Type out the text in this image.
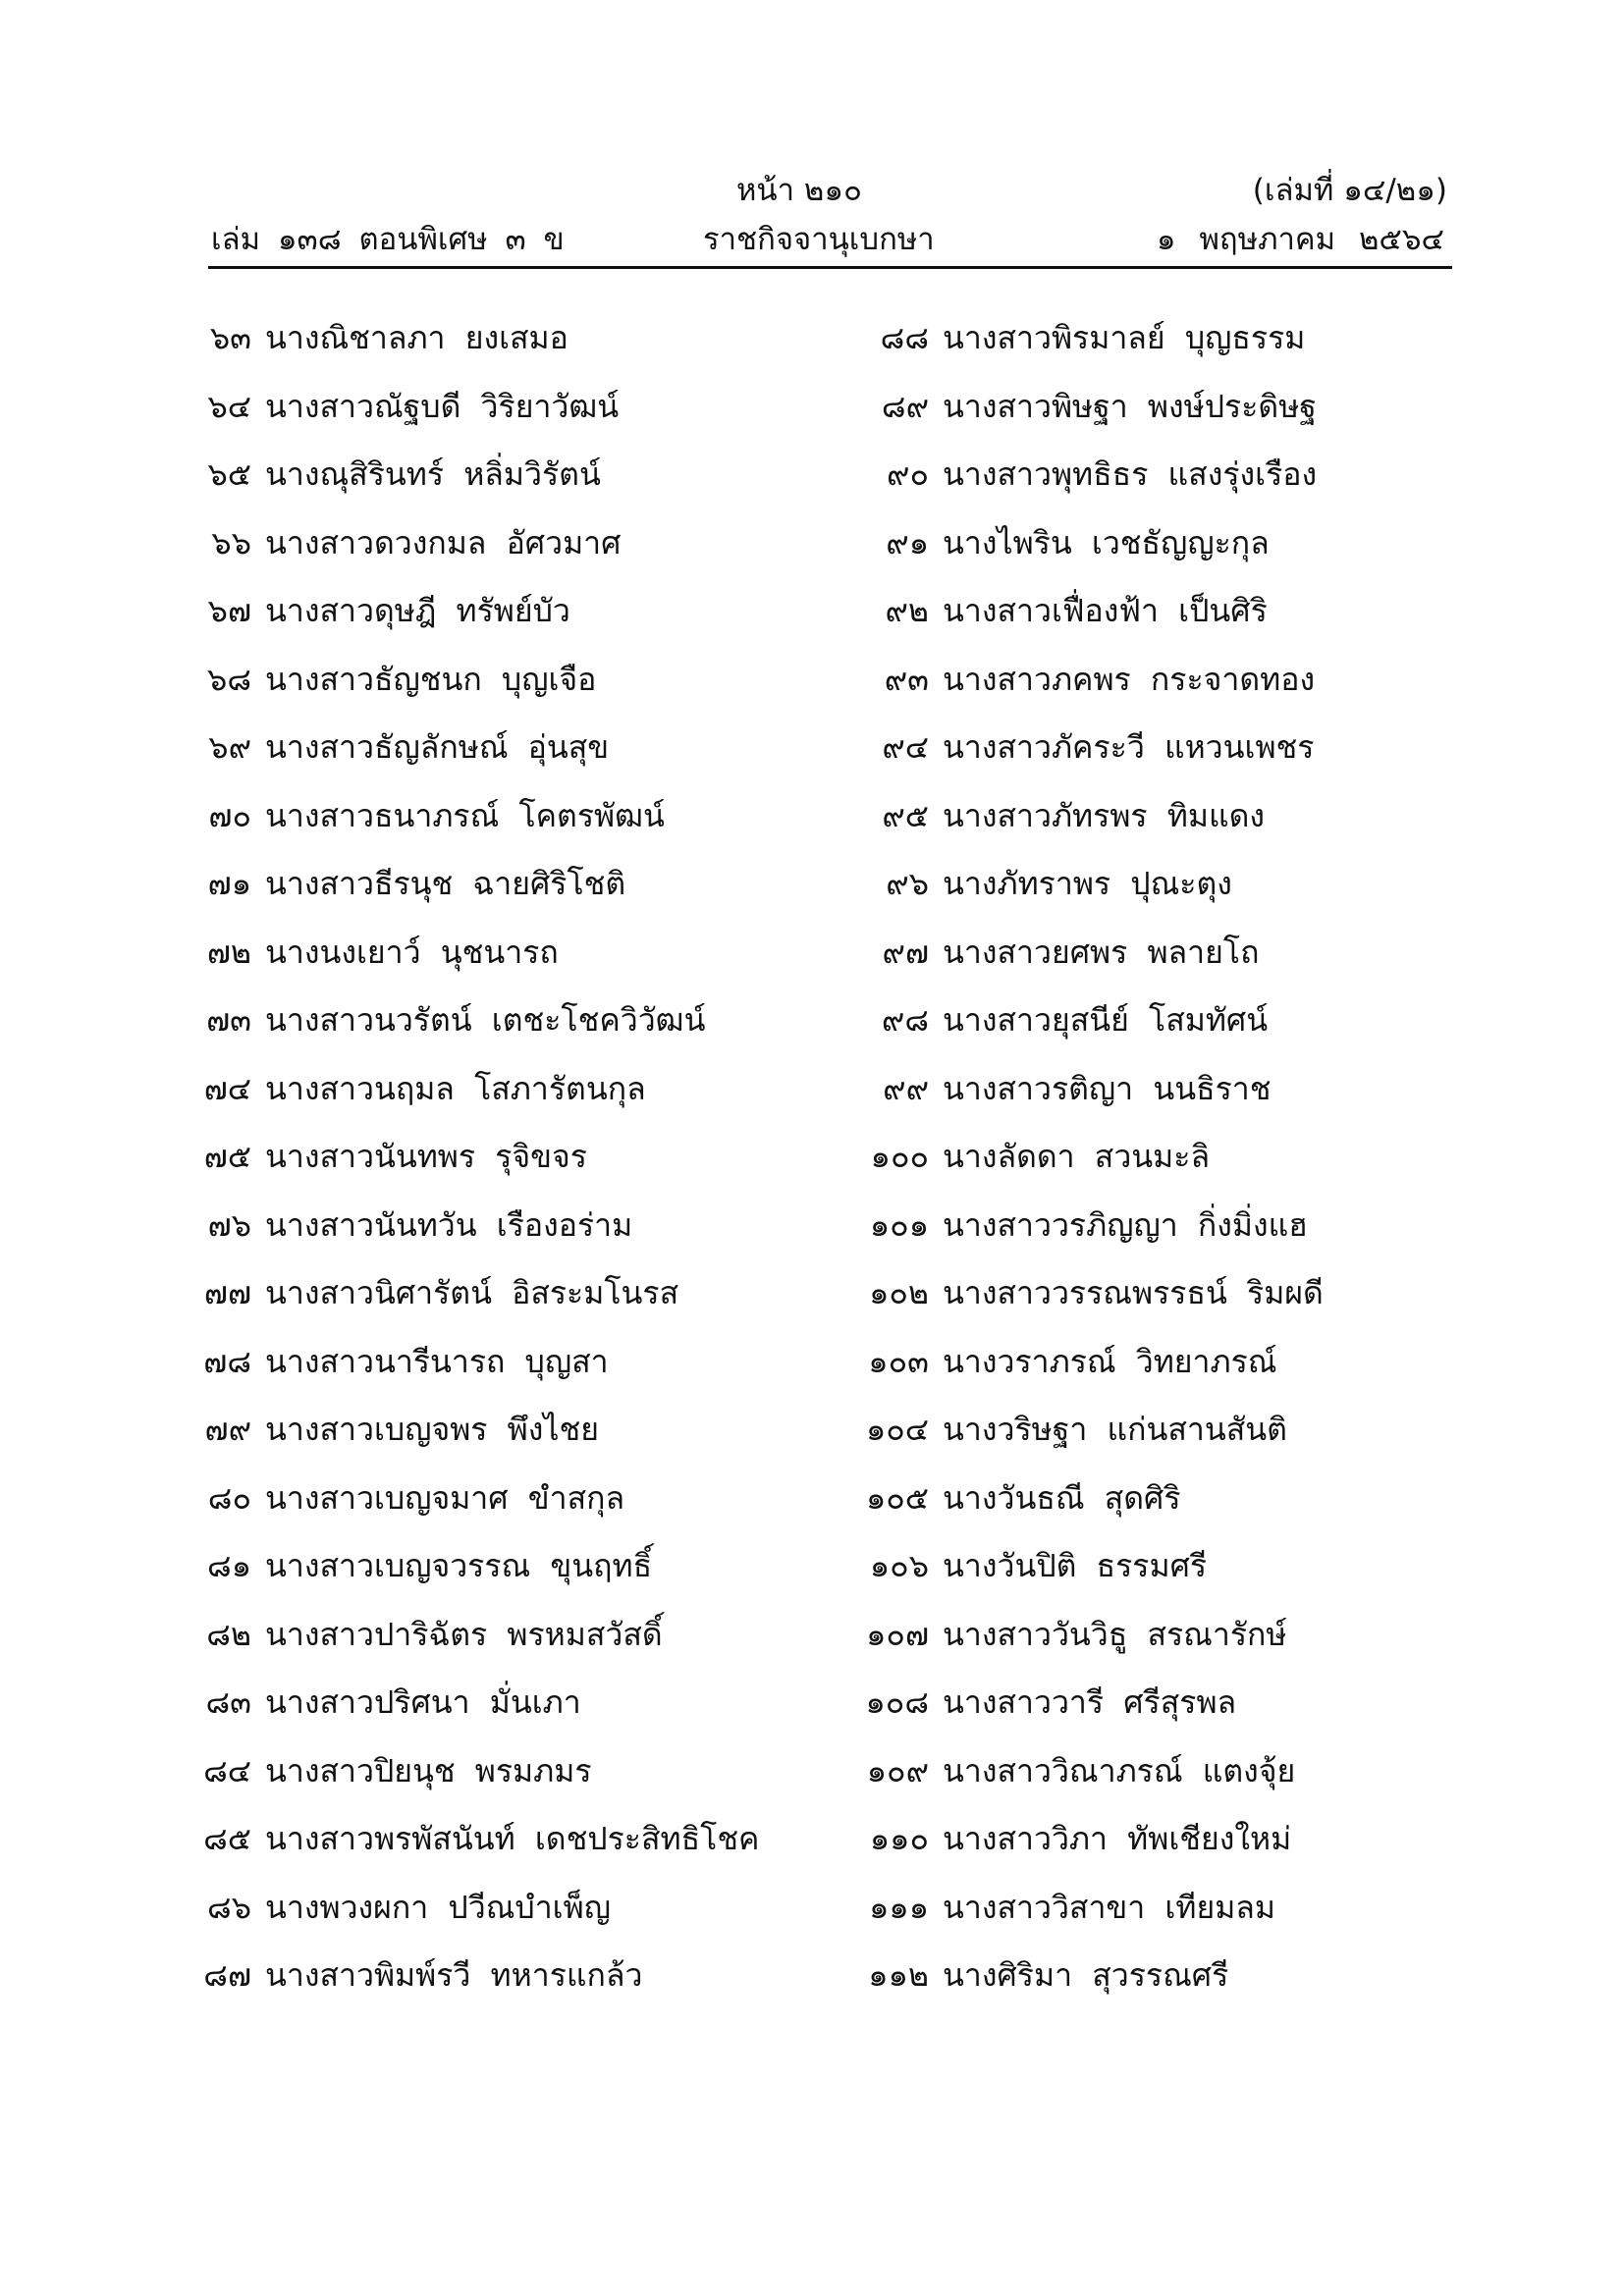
หน้า ๒๑๐	(เล่มที่ ๑๔/๒๑)
เล่ม ๑๓๘ ตอนพิเศษ ๓ ข	ราชกิจจานุเบกษา	๑ พฤษภาคม ๒๕๖๔
๖๓ นางณิชาลภา ยงเสมอ
๖๔ นางสาวณัฐบดี วิริยาวัฒน์
๖๕ นางณุสิรินทร์ หลิ่มวิรัตน์
๖๖ นางสาวดวงกมล อัศวมาศ
๖๗ นางสาวดุษฎี ทรัพย์บัว
๖๘ นางสาวธัญชนก บุญเจือ
๖๙ นางสาวธัญลักษณ์ อุ่นสุข
๗๐ นางสาวธนาภรณ์ โคตรพัฒน์
๗๑ นางสาวธีรนุช ฉายศิริโชติ
๗๒ นางนงเยาว์ นุชนารถ
๗๓ นางสาวนวรัตน์ เตชะโชควิวัฒน์
๗๔ นางสาวนฤมล โสภารัตนกุล
๗๕ นางสาวนันทพร รุจิขจร
๗๖ นางสาวนันทวัน เรืองอร่าม
๗๗ นางสาวนิศารัตน์ อิสระมโนรส
๗๘ นางสาวนารีนารถ บุญสา
๗๙ นางสาวเบญจพร พึงไชย
๘๐ นางสาวเบญจมาศ ขำสกุล
๘๑ นางสาวเบญจวรรณ ขุนฤทธิ์
๘๒ นางสาวปาริฉัตร พรหมสวัสดิ์
๘๓ นางสาวปริศนา มั่นเภา
๘๔ นางสาวปิยนุช พรมภมร
๘๕ นางสาวพรพัสนันท์ เดชประสิทธิโชค
๘๖ นางพวงผกา ปวีณบำเพ็ญ
๘๗ นางสาวพิมพ์รวี ทหารแกล้ว
๘๘ นางสาวพิรมาลย์ บุญธรรม
๘๙ นางสาวพิษฐา พงษ์ประดิษฐ
๙๐ นางสาวพุทธิธร แสงรุ่งเรือง
๙๑ นางไพริน เวชธัญญะกุล
๙๒ นางสาวเฟื่องฟ้า เป็นศิริ
๙๓ นางสาวภคพร กระจาดทอง
๙๔ นางสาวภัคระวี แหวนเพชร
๙๕ นางสาวภัทรพร ทิมแดง
๙๖ นางภัทราพร ปุณะตุง
๙๗ นางสาวยศพร พลายโถ
๙๘ นางสาวยุสนีย์ โสมทัศน์
๙๙ นางสาวรติญา นนธิราช
๑๐๐ นางลัดดา สวนมะลิ
๑๐๑ นางสาววรภิญญา กิ่งมิ่งแฮ
๑๐๒ นางสาววรรณพรรธน์ ริมผดี
๑๐๓ นางวราภรณ์ วิทยาภรณ์
๑๐๔ นางวริษฐา แก่นสานสันติ
๑๐๕ นางวันธณี สุดศิริ
๑๐๖ นางวันปิติ ธรรมศรี
๑๐๗ นางสาววันวิธู สรณารักษ์
๑๐๘ นางสาววารี ศรีสุรพล
๑๐๙ นางสาววิณาภรณ์ แตงจุ้ย
๑๑๐ นางสาววิภา ทัพเชียงใหม่
๑๑๑ นางสาววิสาขา เทียมลม
๑๑๒ นางศิริมา สุวรรณศรี
